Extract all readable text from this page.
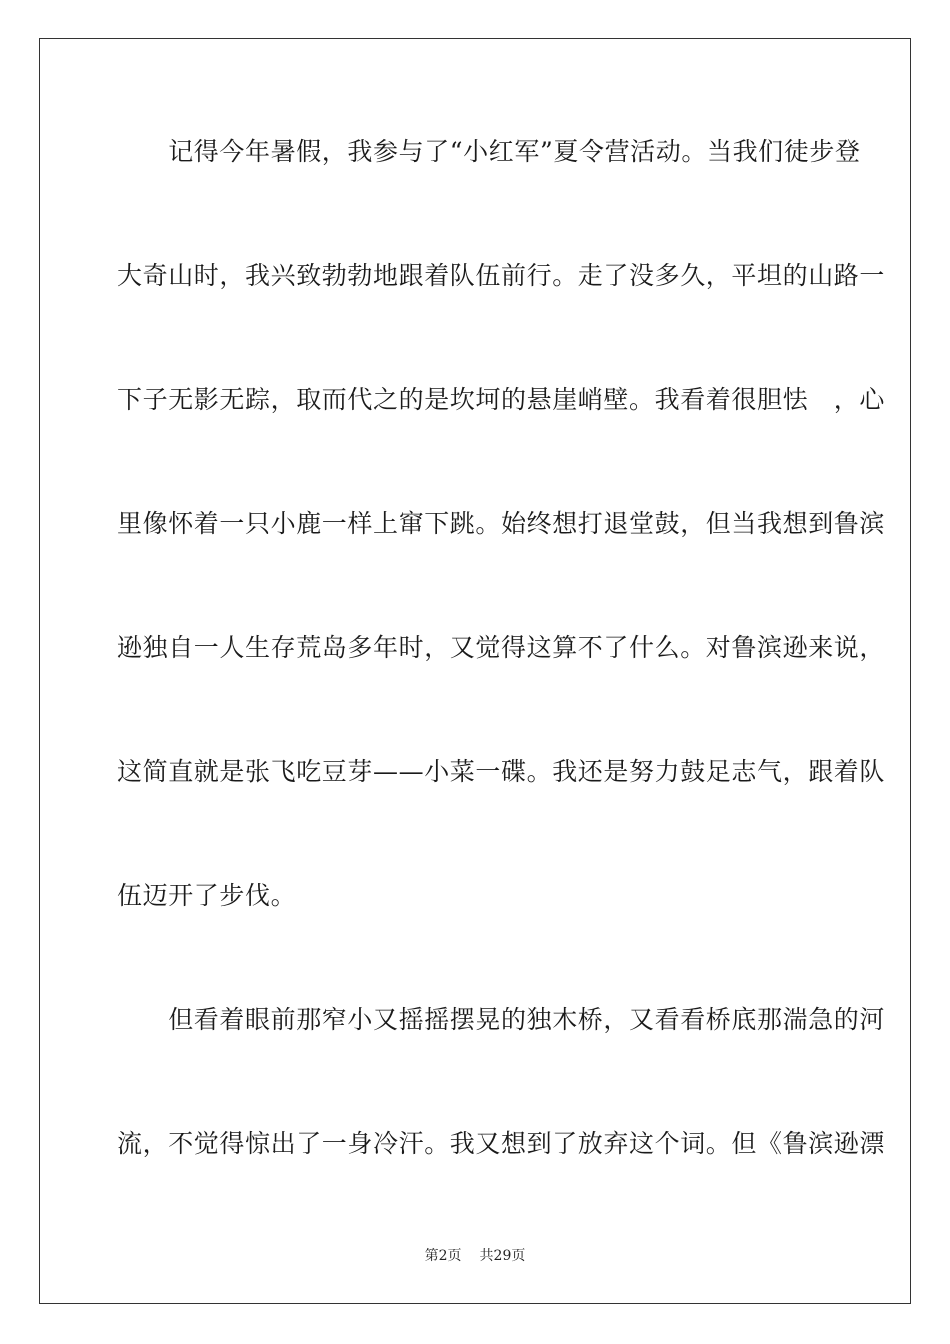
　　记得今年暑假，我参与了“小红军”夏令营活动。当我们徒步登
大奇山时，我兴致勃勃地跟着队伍前行。走了没多久，平坦的山路一
下子无影无踪，取而代之的是坎坷的悬崖峭壁。我看着很胆怯　，心
里像怀着一只小鹿一样上窜下跳。始终想打退堂鼓，但当我想到鲁滨
逊独自一人生存荒岛多年时，又觉得这算不了什么。对鲁滨逊来说，
这简直就是张飞吃豆芽——小菜一碟。我还是努力鼓足志气，跟着队
伍迈开了步伐。
　　但看着眼前那窄小又摇摇摆晃的独木桥，又看看桥底那湍急的河
流，不觉得惊出了一身冷汗。我又想到了放弃这个词。但《鲁滨逊漂
第2页 共29页
